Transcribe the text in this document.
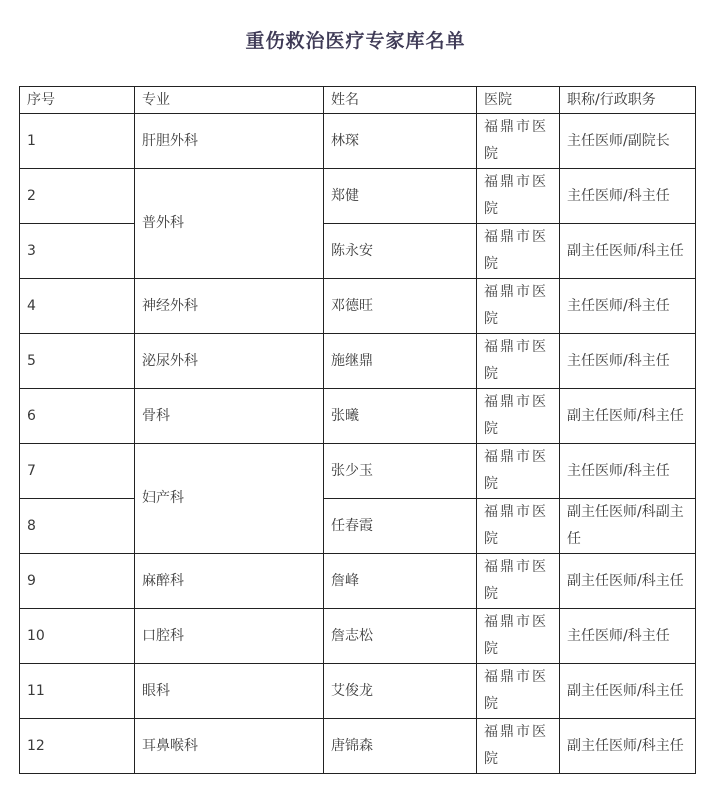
重伤救治医疗专家库名单
序号	专业	姓名	医院	职称/行政职务
1	肝胆外科	林琛	福鼎市医院	主任医师/副院长
2	普外科	郑健	福鼎市医院	主任医师/科主任
3		陈永安	福鼎市医院	副主任医师/科主任
4	神经外科	邓德旺	福鼎市医院	主任医师/科主任
5	泌尿外科	施继鼎	福鼎市医院	主任医师/科主任
6	骨科	张曦	福鼎市医院	副主任医师/科主任
7	妇产科	张少玉	福鼎市医院	主任医师/科主任
8		任春霞	福鼎市医院	副主任医师/科副主任
9	麻醉科	詹峰	福鼎市医院	副主任医师/科主任
10	口腔科	詹志松	福鼎市医院	主任医师/科主任
11	眼科	艾俊龙	福鼎市医院	副主任医师/科主任
12	耳鼻喉科	唐锦森	福鼎市医院	副主任医师/科主任
